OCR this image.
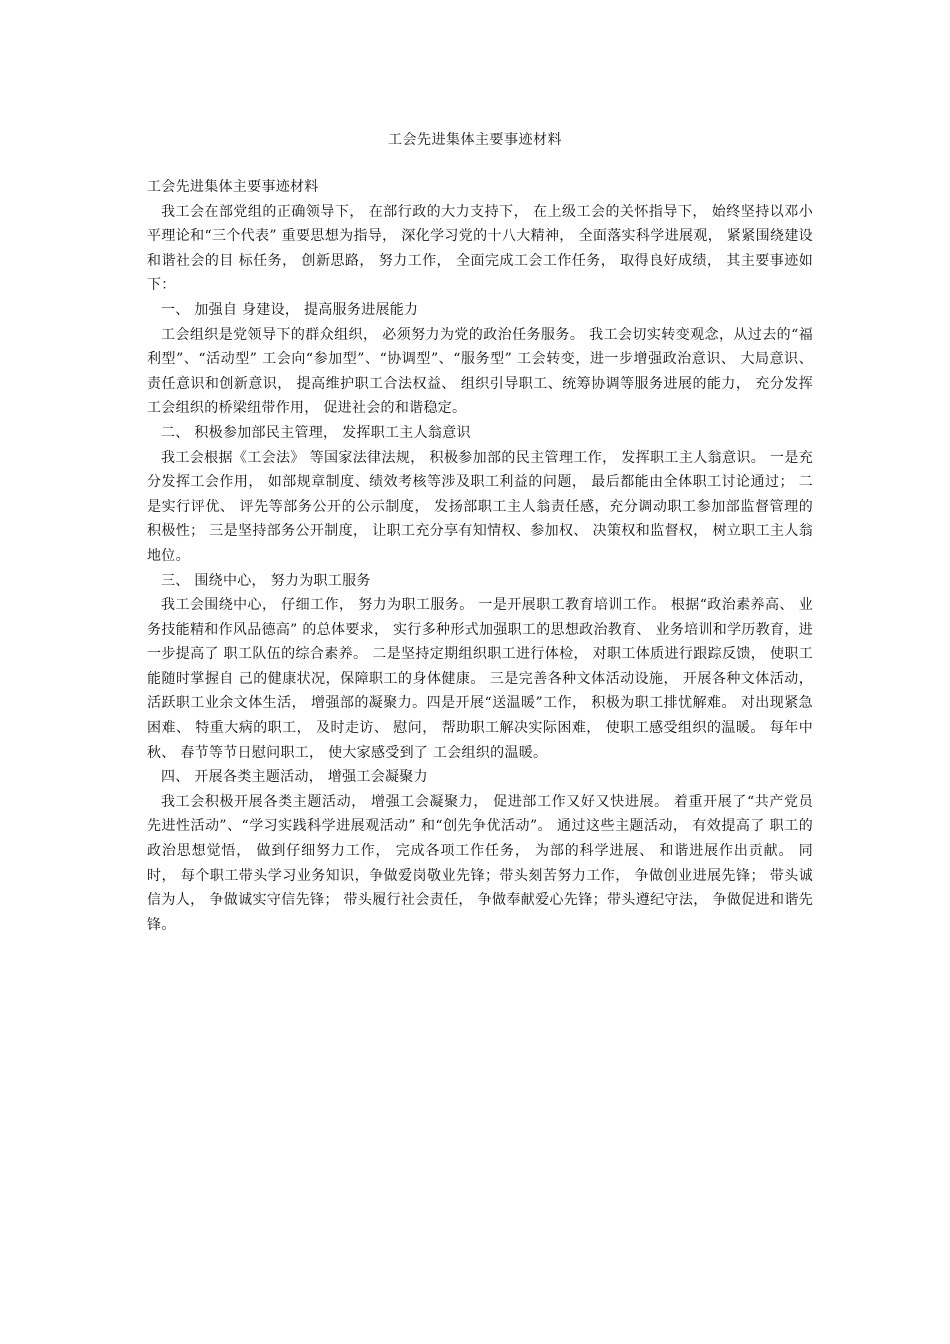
工会先进集体主要事迹材料

工会先进集体主要事迹材料

我工会在部党组的正确领导下， 在部行政的大力支持下， 在上级工会的关怀指导下， 始终坚持以邓小平理论和“三个代表” 重要思想为指导， 深化学习党的十八大精神， 全面落实科学进展观， 紧紧围绕建设和谐社会的目 标任务， 创新思路， 努力工作， 全面完成工会工作任务， 取得良好成绩， 其主要事迹如下：

一、 加强自 身建设， 提高服务进展能力

工会组织是党领导下的群众组织， 必须努力为党的政治任务服务。 我工会切实转变观念，从过去的“福利型”、“活动型” 工会向“参加型”、“协调型”、“服务型” 工会转变，进一步增强政治意识、 大局意识、 责任意识和创新意识， 提高维护职工合法权益、 组织引导职工、统筹协调等服务进展的能力， 充分发挥工会组织的桥梁纽带作用， 促进社会的和谐稳定。

二、 积极参加部民主管理， 发挥职工主人翁意识

我工会根据《工会法》 等国家法律法规， 积极参加部的民主管理工作， 发挥职工主人翁意识。 一是充分发挥工会作用， 如部规章制度、绩效考核等涉及职工利益的问题， 最后都能由全体职工讨论通过； 二是实行评优、 评先等部务公开的公示制度， 发扬部职工主人翁责任感，充分调动职工参加部监督管理的积极性； 三是坚持部务公开制度， 让职工充分享有知情权、参加权、 决策权和监督权， 树立职工主人翁地位。

三、 围绕中心， 努力为职工服务

我工会围绕中心， 仔细工作， 努力为职工服务。 一是开展职工教育培训工作。 根据“政治素养高、 业务技能精和作风品德高” 的总体要求， 实行多种形式加强职工的思想政治教育、 业务培训和学历教育，进一步提高了 职工队伍的综合素养。 二是坚持定期组织职工进行体检， 对职工体质进行跟踪反馈， 使职工能随时掌握自 己的健康状况，保障职工的身体健康。 三是完善各种文体活动设施， 开展各种文体活动， 活跃职工业余文体生活， 增强部的凝聚力。四是开展“送温暖”工作， 积极为职工排忧解难。 对出现紧急困难、 特重大病的职工， 及时走访、 慰问， 帮助职工解决实际困难， 使职工感受组织的温暖。 每年中秋、 春节等节日慰问职工， 使大家感受到了 工会组织的温暖。

四、 开展各类主题活动， 增强工会凝聚力

我工会积极开展各类主题活动， 增强工会凝聚力， 促进部工作又好又快进展。 着重开展了“共产党员 先进性活动”、“学习实践科学进展观活动” 和“创先争优活动”。 通过这些主题活动， 有效提高了 职工的政治思想觉悟， 做到仔细努力工作， 完成各项工作任务， 为部的科学进展、 和谐进展作出贡献。 同时， 每个职工带头学习业务知识，争做爱岗敬业先锋；带头刻苦努力工作， 争做创业进展先锋； 带头诚信为人， 争做诚实守信先锋； 带头履行社会责任， 争做奉献爱心先锋；带头遵纪守法， 争做促进和谐先锋。
